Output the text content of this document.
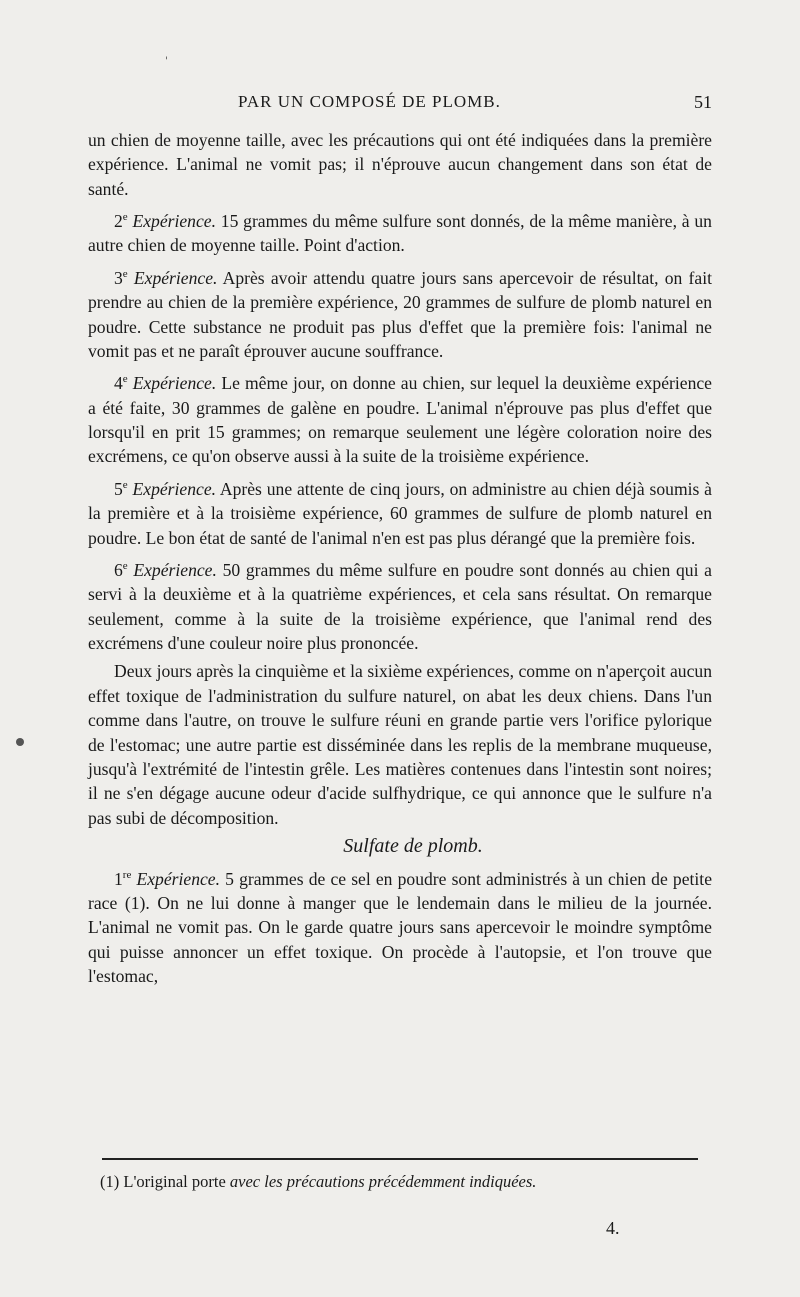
'
PAR UN COMPOSÉ DE PLOMB.	51

un chien de moyenne taille, avec les précautions qui ont été indiquées dans la première expérience. L'animal ne vomit pas; il n'éprouve aucun changement dans son état de santé.

2e Expérience. 15 grammes du même sulfure sont donnés, de la même manière, à un autre chien de moyenne taille. Point d'action.

3e Expérience. Après avoir attendu quatre jours sans apercevoir de résultat, on fait prendre au chien de la première expérience, 20 grammes de sulfure de plomb naturel en poudre. Cette substance ne produit pas plus d'effet que la première fois: l'animal ne vomit pas et ne paraît éprouver aucune souffrance.

4e Expérience. Le même jour, on donne au chien, sur lequel la deuxième expérience a été faite, 30 grammes de galène en poudre. L'animal n'éprouve pas plus d'effet que lorsqu'il en prit 15 grammes; on remarque seulement une légère coloration noire des excrémens, ce qu'on observe aussi à la suite de la troisième expérience.

5e Expérience. Après une attente de cinq jours, on administre au chien déjà soumis à la première et à la troisième expérience, 60 grammes de sulfure de plomb naturel en poudre. Le bon état de santé de l'animal n'en est pas plus dérangé que la première fois.

6e Expérience. 50 grammes du même sulfure en poudre sont donnés au chien qui a servi à la deuxième et à la quatrième expériences, et cela sans résultat. On remarque seulement, comme à la suite de la troisième expérience, que l'animal rend des excrémens d'une couleur noire plus prononcée.

Deux jours après la cinquième et la sixième expériences, comme on n'aperçoit aucun effet toxique de l'administration du sulfure naturel, on abat les deux chiens. Dans l'un comme dans l'autre, on trouve le sulfure réuni en grande partie vers l'orifice pylorique de l'estomac; une autre partie est disséminée dans les replis de la membrane muqueuse, jusqu'à l'extrémité de l'intestin grêle. Les matières contenues dans l'intestin sont noires; il ne s'en dégage aucune odeur d'acide sulfhydrique, ce qui annonce que le sulfure n'a pas subi de décomposition.

Sulfate de plomb.

1re Expérience. 5 grammes de ce sel en poudre sont administrés à un chien de petite race (1). On ne lui donne à manger que le lendemain dans le milieu de la journée. L'animal ne vomit pas. On le garde quatre jours sans apercevoir le moindre symptôme qui puisse annoncer un effet toxique. On procède à l'autopsie, et l'on trouve que l'estomac,

(1) L'original porte avec les précautions précédemment indiquées.
4.
